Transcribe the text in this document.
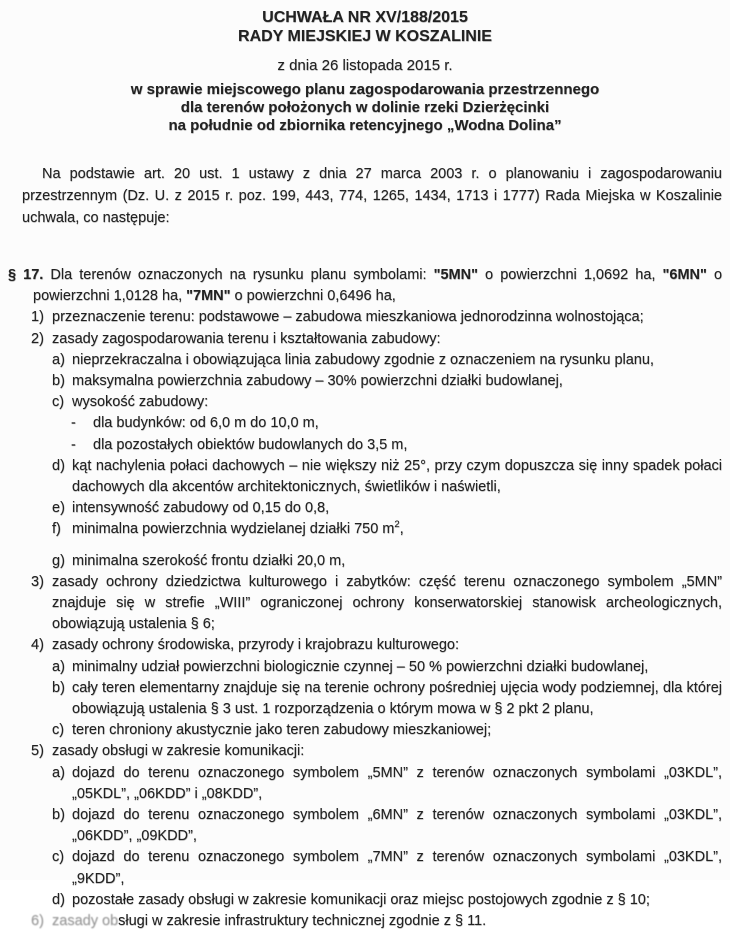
UCHWAŁA NR XV/188/2015
RADY MIEJSKIEJ W KOSZALINIE
z dnia 26 listopada 2015 r.
w sprawie miejscowego planu zagospodarowania przestrzennego
dla terenów położonych w dolinie rzeki Dzierżęcinki
na południe od zbiornika retencyjnego „Wodna Dolina”

Na podstawie art. 20 ust. 1 ustawy z dnia 27 marca 2003 r. o planowaniu i zagospodarowaniu przestrzennym (Dz. U. z 2015 r. poz. 199, 443, 774, 1265, 1434, 1713 i 1777) Rada Miejska w Koszalinie uchwala, co następuje:

§ 17. Dla terenów oznaczonych na rysunku planu symbolami: "5MN" o powierzchni 1,0692 ha, "6MN" o powierzchni 1,0128 ha, "7MN" o powierzchni 0,6496 ha,
1) przeznaczenie terenu: podstawowe – zabudowa mieszkaniowa jednorodzinna wolnostojąca;
2) zasady zagospodarowania terenu i kształtowania zabudowy:
a) nieprzekraczalna i obowiązująca linia zabudowy zgodnie z oznaczeniem na rysunku planu,
b) maksymalna powierzchnia zabudowy – 30% powierzchni działki budowlanej,
c) wysokość zabudowy:
- dla budynków: od 6,0 m do 10,0 m,
- dla pozostałych obiektów budowlanych do 3,5 m,
d) kąt nachylenia połaci dachowych – nie większy niż 25°, przy czym dopuszcza się inny spadek połaci dachowych dla akcentów architektonicznych, świetlików i naświetli,
e) intensywność zabudowy od 0,15 do 0,8,
f) minimalna powierzchnia wydzielanej działki 750 $m^2$,
g) minimalna szerokość frontu działki 20,0 m,
3) zasady ochrony dziedzictwa kulturowego i zabytków: część terenu oznaczonego symbolem „5MN” znajduje się w strefie „WIII” ograniczonej ochrony konserwatorskiej stanowisk archeologicznych, obowiązują ustalenia § 6;
4) zasady ochrony środowiska, przyrody i krajobrazu kulturowego:
a) minimalny udział powierzchni biologicznie czynnej – 50 % powierzchni działki budowlanej,
b) cały teren elementarny znajduje się na terenie ochrony pośredniej ujęcia wody podziemnej, dla której obowiązują ustalenia § 3 ust. 1 rozporządzenia o którym mowa w § 2 pkt 2 planu,
c) teren chroniony akustycznie jako teren zabudowy mieszkaniowej;
5) zasady obsługi w zakresie komunikacji:
a) dojazd do terenu oznaczonego symbolem „5MN” z terenów oznaczonych symbolami „03KDL”, „05KDL”, „06KDD” i „08KDD”,
b) dojazd do terenu oznaczonego symbolem „6MN” z terenów oznaczonych symbolami „03KDL”, „06KDD”, „09KDD”,
c) dojazd do terenu oznaczonego symbolem „7MN” z terenów oznaczonych symbolami „03KDL”, „9KDD”,
d) pozostałe zasady obsługi w zakresie komunikacji oraz miejsc postojowych zgodnie z § 10;
6) zasady obsługi w zakresie infrastruktury technicznej zgodnie z § 11.
